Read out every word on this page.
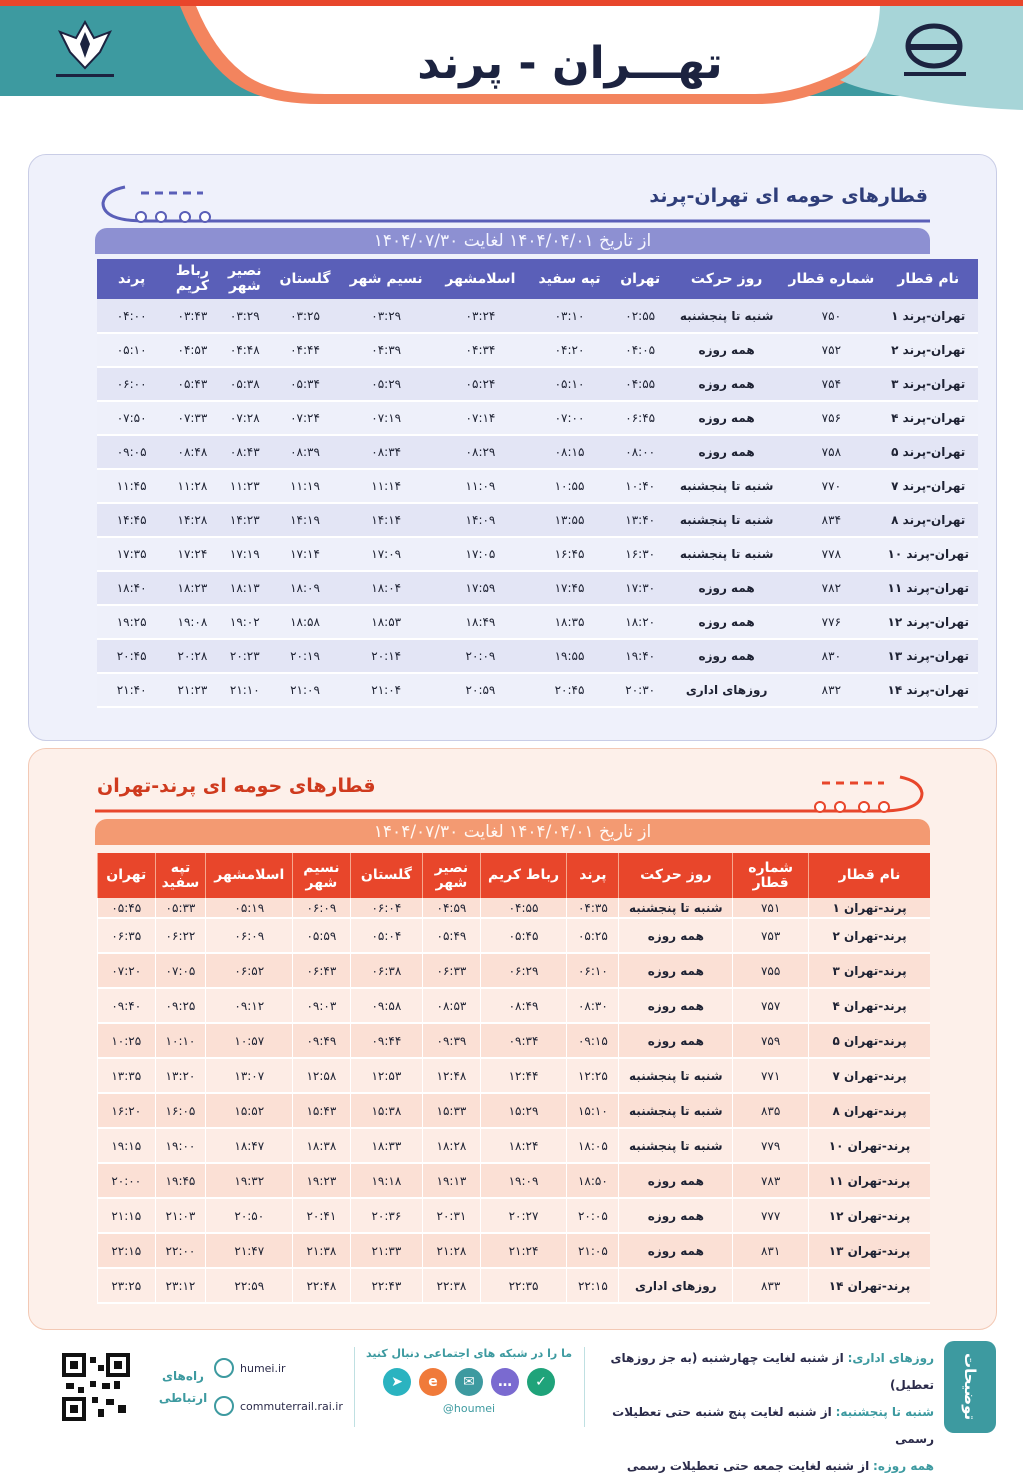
تهـــران - پرند
قطارهای حومه ای تهران-پرند
از تاریخ ۱۴۰۴/۰۴/۰۱ لغایت ۱۴۰۴/۰۷/۳۰
نام قطار	شماره قطار	روز حرکت	تهران	تپه سفید	اسلامشهر	نسیم شهر	گلستان	نصیر شهر	رباط کریم	پرند
تهران-پرند ۱	۷۵۰	شنبه تا پنجشنبه	۰۲:۵۵	۰۳:۱۰	۰۳:۲۴	۰۳:۲۹	۰۳:۲۵	۰۳:۲۹	۰۳:۴۳	۰۴:۰۰
تهران-پرند ۲	۷۵۲	همه روزه	۰۴:۰۵	۰۴:۲۰	۰۴:۳۴	۰۴:۳۹	۰۴:۴۴	۰۴:۴۸	۰۴:۵۳	۰۵:۱۰
تهران-پرند ۳	۷۵۴	همه روزه	۰۴:۵۵	۰۵:۱۰	۰۵:۲۴	۰۵:۲۹	۰۵:۳۴	۰۵:۳۸	۰۵:۴۳	۰۶:۰۰
تهران-پرند ۴	۷۵۶	همه روزه	۰۶:۴۵	۰۷:۰۰	۰۷:۱۴	۰۷:۱۹	۰۷:۲۴	۰۷:۲۸	۰۷:۳۳	۰۷:۵۰
تهران-پرند ۵	۷۵۸	همه روزه	۰۸:۰۰	۰۸:۱۵	۰۸:۲۹	۰۸:۳۴	۰۸:۳۹	۰۸:۴۳	۰۸:۴۸	۰۹:۰۵
تهران-پرند ۷	۷۷۰	شنبه تا پنجشنبه	۱۰:۴۰	۱۰:۵۵	۱۱:۰۹	۱۱:۱۴	۱۱:۱۹	۱۱:۲۳	۱۱:۲۸	۱۱:۴۵
تهران-پرند ۸	۸۳۴	شنبه تا پنجشنبه	۱۳:۴۰	۱۳:۵۵	۱۴:۰۹	۱۴:۱۴	۱۴:۱۹	۱۴:۲۳	۱۴:۲۸	۱۴:۴۵
تهران-پرند ۱۰	۷۷۸	شنبه تا پنجشنبه	۱۶:۳۰	۱۶:۴۵	۱۷:۰۵	۱۷:۰۹	۱۷:۱۴	۱۷:۱۹	۱۷:۲۴	۱۷:۳۵
تهران-پرند ۱۱	۷۸۲	همه روزه	۱۷:۳۰	۱۷:۴۵	۱۷:۵۹	۱۸:۰۴	۱۸:۰۹	۱۸:۱۳	۱۸:۲۳	۱۸:۴۰
تهران-پرند ۱۲	۷۷۶	همه روزه	۱۸:۲۰	۱۸:۳۵	۱۸:۴۹	۱۸:۵۳	۱۸:۵۸	۱۹:۰۲	۱۹:۰۸	۱۹:۲۵
تهران-پرند ۱۳	۸۳۰	همه روزه	۱۹:۴۰	۱۹:۵۵	۲۰:۰۹	۲۰:۱۴	۲۰:۱۹	۲۰:۲۳	۲۰:۲۸	۲۰:۴۵
تهران-پرند ۱۴	۸۳۲	روزهای اداری	۲۰:۳۰	۲۰:۴۵	۲۰:۵۹	۲۱:۰۴	۲۱:۰۹	۲۱:۱۰	۲۱:۲۳	۲۱:۴۰
قطارهای حومه ای پرند-تهران
از تاریخ ۱۴۰۴/۰۴/۰۱ لغایت ۱۴۰۴/۰۷/۳۰
نام قطار	شماره قطار	روز حرکت	پرند	رباط کریم	نصیر شهر	گلستان	نسیم شهر	اسلامشهر	تپه سفید	تهران
پرند-تهران ۱	۷۵۱	شنبه تا پنجشنبه	۰۴:۳۵	۰۴:۵۵	۰۴:۵۹	۰۶:۰۴	۰۶:۰۹	۰۵:۱۹	۰۵:۳۳	۰۵:۴۵
پرند-تهران ۲	۷۵۳	همه روزه	۰۵:۲۵	۰۵:۴۵	۰۵:۴۹	۰۵:۰۴	۰۵:۵۹	۰۶:۰۹	۰۶:۲۲	۰۶:۳۵
پرند-تهران ۳	۷۵۵	همه روزه	۰۶:۱۰	۰۶:۲۹	۰۶:۳۳	۰۶:۳۸	۰۶:۴۳	۰۶:۵۲	۰۷:۰۵	۰۷:۲۰
پرند-تهران ۴	۷۵۷	همه روزه	۰۸:۳۰	۰۸:۴۹	۰۸:۵۳	۰۹:۵۸	۰۹:۰۳	۰۹:۱۲	۰۹:۲۵	۰۹:۴۰
پرند-تهران ۵	۷۵۹	همه روزه	۰۹:۱۵	۰۹:۳۴	۰۹:۳۹	۰۹:۴۴	۰۹:۴۹	۱۰:۵۷	۱۰:۱۰	۱۰:۲۵
پرند-تهران ۷	۷۷۱	شنبه تا پنجشنبه	۱۲:۲۵	۱۲:۴۴	۱۲:۴۸	۱۲:۵۳	۱۲:۵۸	۱۳:۰۷	۱۳:۲۰	۱۳:۳۵
پرند-تهران ۸	۸۳۵	شنبه تا پنجشنبه	۱۵:۱۰	۱۵:۲۹	۱۵:۳۳	۱۵:۳۸	۱۵:۴۳	۱۵:۵۲	۱۶:۰۵	۱۶:۲۰
پرند-تهران ۱۰	۷۷۹	شنبه تا پنجشنبه	۱۸:۰۵	۱۸:۲۴	۱۸:۲۸	۱۸:۳۳	۱۸:۳۸	۱۸:۴۷	۱۹:۰۰	۱۹:۱۵
پرند-تهران ۱۱	۷۸۳	همه روزه	۱۸:۵۰	۱۹:۰۹	۱۹:۱۳	۱۹:۱۸	۱۹:۲۳	۱۹:۳۲	۱۹:۴۵	۲۰:۰۰
پرند-تهران ۱۲	۷۷۷	همه روزه	۲۰:۰۵	۲۰:۲۷	۲۰:۳۱	۲۰:۳۶	۲۰:۴۱	۲۰:۵۰	۲۱:۰۳	۲۱:۱۵
پرند-تهران ۱۳	۸۳۱	همه روزه	۲۱:۰۵	۲۱:۲۴	۲۱:۲۸	۲۱:۳۳	۲۱:۳۸	۲۱:۴۷	۲۲:۰۰	۲۲:۱۵
پرند-تهران ۱۴	۸۳۳	روزهای اداری	۲۲:۱۵	۲۲:۳۵	۲۲:۳۸	۲۲:۴۳	۲۲:۴۸	۲۲:۵۹	۲۳:۱۲	۲۳:۲۵
توضیحات
روزهای اداری: از شنبه لغایت چهارشنبه (به جز روزهای تعطیل)
شنبه تا پنجشنبه: از شنبه لغایت پنج شنبه حتی تعطیلات رسمی
همه روزه: از شنبه لغایت جمعه حتی تعطیلات رسمی
ما را در شبکه های اجتماعی دنبال کنید
➤	e	✉	…	✓
@houmei
humei.ir
commuterrail.rai.ir
راه‌های ارتباطی
